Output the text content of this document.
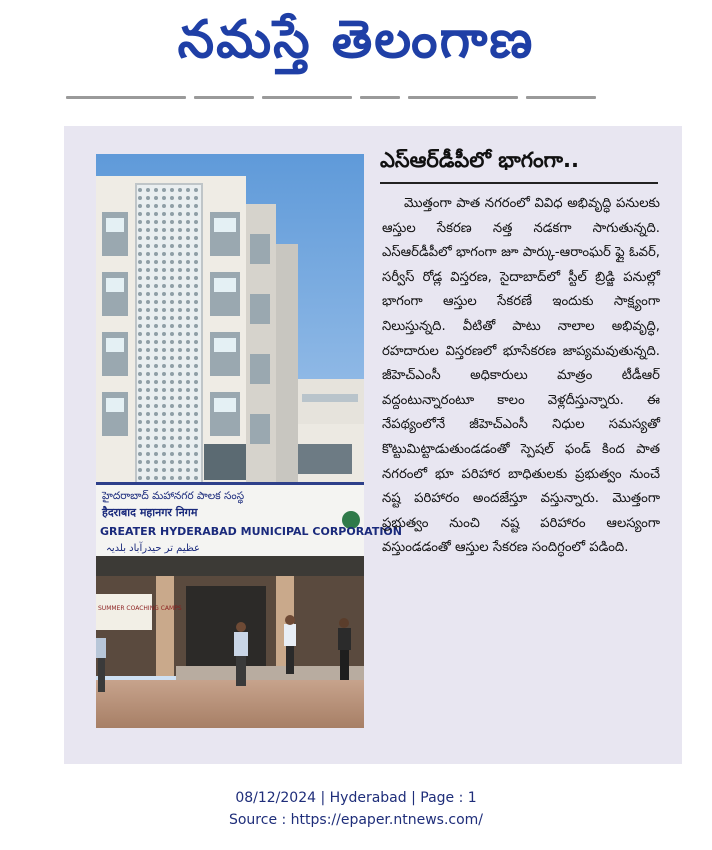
నమస్తే తెలంగాణ
హైదరాబాద్ మహానగర పాలక సంస్థ
हैदराबाद महानगर निगम
GREATER HYDERABAD MUNICIPAL CORPORATION
عظیم تر حیدرآباد بلدیہ
SUMMER COACHING CAMPS
ఎస్‌ఆర్‌డీపీలో భాగంగా..
మొత్తంగా పాత నగరంలో వివిధ అభివృద్ధి పనులకు ఆస్తుల సేకరణ నత్త నడకగా సాగుతున్నది. ఎస్‌ఆర్‌డీపీలో భాగంగా జూ పార్కు-ఆరాంఘర్ ఫ్లై ఓవర్, సర్వీస్ రోడ్ల విస్తరణ, సైదాబాద్‌లో స్టీల్ బ్రిడ్జి పనుల్లో భాగంగా ఆస్తుల సేకరణే ఇందుకు సాక్ష్యంగా నిలుస్తున్నది. వీటితో పాటు నాలాల అభివృద్ధి, రహదారుల విస్తరణలో భూసేకరణ జాప్యమవుతున్నది. జీహెచ్‌ఎంసీ అధికారులు మాత్రం టీడీఆర్ వద్దంటున్నారంటూ కాలం వెళ్లదీస్తున్నారు. ఈ నేపథ్యంలోనే జీహెచ్‌ఎంసీ నిధుల సమస్యతో కొట్టుమిట్టాడుతుండడంతో స్పెషల్ ఫండ్ కింద పాత నగరంలో భూ పరిహార బాధితులకు ప్రభుత్వం నుంచే నష్ట పరిహారం అందజేస్తూ వస్తున్నారు. మొత్తంగా ప్రభుత్వం నుంచి నష్ట పరిహారం ఆలస్యంగా వస్తుండడంతో ఆస్తుల సేకరణ సందిగ్ధంలో పడింది.
08/12/2024 | Hyderabad | Page : 1
Source : https://epaper.ntnews.com/
